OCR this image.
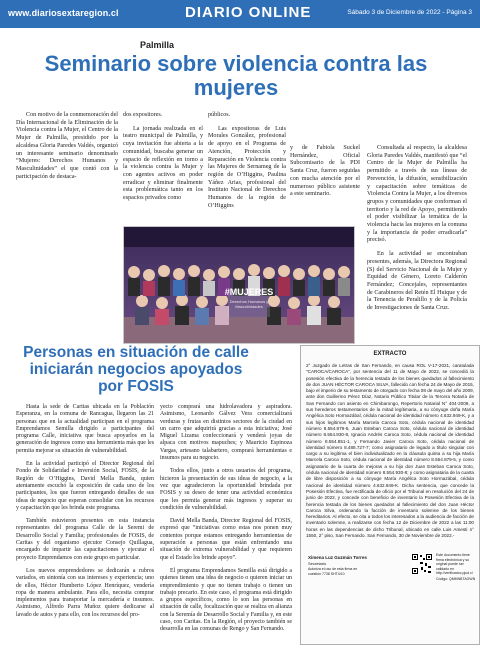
www.diariosextaregion.cl	DIARIO ONLINE	Sábado 3 de Diciembre de 2022 - Página 3
Palmilla
Seminario sobre violencia contra las mujeres

Con motivo de la conmemoración del Día Internacional de la Eliminación de la Violencia contra la Mujer, el Centro de la Mujer de Palmilla, presidido por la alcaldesa Gloria Paredes Valdés, organizó un interesante seminario denominado “Mujeres: Derechos Humanos y Masculinidades” el que contó con la participación de destaca-

dos expositores.

La jornada realizada en el teatro municipal de Palmilla, y cuya invitación fue abierta a la comunidad, buscaba generar un espacio de reflexión en torno a la violencia contra la Mujer y con agentes activos en poder erradicar y eliminar finalmente esta problemática tanto en los espacios privados como

públicos.

Las expositoras de Luis Morales González, profesional de apoyo en el Programa de Atención, Protección y Reparación en Violencia contra las Mujeres de Sernameg de la región de O’Higgins, Paulina Yáñez Arias, profesional del Instituto Nacional de Derechos Humanos de la región de O’Higgins

y de Fabiola Suckel Hernández, Oficial Subcomisario de la PDI Santa Cruz, fueron seguidas con mucha atención por el numeroso público asistente a este seminario.

Consultada al respecto, la alcaldesa Gloria Paredes Valdés, manifestó que “el Centro de la Mujer de Palmilla ha permitido a través de sus líneas de Prevención, la difusión, sensibilización y capacitación sobre temáticas de Violencia Contra la Mujer, a los diversos grupos y comunidades que conforman el territorio y la red de Apoyo, permitiendo el poder visibilizar la temática de la violencia hacia las mujeres en la comuna y la importancia de poder erradicarla” precisó.

En la actividad se encontraban presentes, además, la Directora Regional (S) del Servicio Nacional de la Mujer y Equidad de Género, Loreto Calderón Fernández; Concejales, representantes de Carabineros del Retén El Huique y de la Tenencia de Peralillo y de la Policía de Investigaciones de Santa Cruz.

#MUJERES
Derechos Humanos y Masculinidades
Personas en situación de calle iniciarán negocios apoyados por FOSIS

Hasta la sede de Caritas ubicada en la Población Esperanza, en la comuna de Rancagua, llegaron las 21 personas que en la actualidad participan en el programa Emprendamos Semilla dirigido a participantes del programa Calle, iniciativa que busca apoyarlos en la generación de ingresos como una herramienta más que les permita mejorar su situación de vulnerabilidad.

En la actividad participó el Director Regional del Fondo de Solidaridad e Inversión Social, FOSIS, de la Región de O’Higgins, David Mella Banda, quien atentamente escuchó la exposición de cada uno de los participantes, los que fueron entregando detalles de sus ideas de negocio que esperan consolidar con los recursos y capacitación que les brinda este programa.

También estuvieron presentes en esta instancia representantes del programa Calle de la Seremi de Desarrollo Social y Familia; profesionales de FOSIS, de Caritas y del organismo ejecutor Consejo Quillagua, encargado de impartir las capacitaciones y ejecutar el proyecto Emprendamos con este grupo en particular.

Los nuevos emprendedores se dedicarán a rubros variados, en sintonía con sus intereses y experiencia; uno de ellos, Héctor Humberto López Henríquez, vendería ropa de manera ambulante. Para ello, necesita comprar implementos para transportar la mercadería e insumos. Asimismo, Alfredo Parra Muñoz quiere dedicarse al lavado de autos y para ello, con los recursos del pro-

yecto comprará una hidrolavadora y aspiradora. Asimismo, Leonardo Gálvez Vera comercializará verduras y frutas en distintos sectores de la ciudad en un carro que adquirirá gracias a esta iniciativa; José Miguel Lizama confeccionará y venderá joyas de alpaca con motivos mapuches; y Mauricio Espinoza Vargas, artesano talabartero, comprará herramientas e insumos para su negocio.

Todos ellos, junto a otros usuarios del programa, hicieron la presentación de sus ideas de negocio, a la vez que agradecieron la oportunidad brindada por FOSIS y su deseo de tener una actividad económica que les permita generar más ingresos y superar su condición de vulnerabilidad.

David Mella Banda, Director Regional del FOSIS, expresó que “iniciativas como estas nos ponen muy contentos porque estamos entregando herramientas de superación a personas que están enfrentando una situación de extrema vulnerabilidad y que requieren que el Estado los brinde apoyo”.

El programa Emprendamos Semilla está dirigido a quienes tienen una idea de negocio o quieren iniciar un emprendimiento y que no tienen trabajo o tienen un trabajo precario. En este caso, el programa está dirigido a grupos específicos, como lo son las personas en situación de calle, focalización que se realiza en alianza con la Seremía de Desarrollo Social y Familia y, en este caso, con Caritas. En la Región, el proyecto también se desarrolla en las comunas de Rengo y San Fernando.

EXTRACTO
2° Juzgado de Letras de San Fernando, en causa ROL V-17-2021, caratulada "CAROCA/CAROCA", por sentencia del 11 de Mayo de 2022, se concedió la posesión efectiva de la herencia testada de los bienes quedados al fallecimiento de don JUAN HÉCTOR CAROCA SILVA, fallecido con fecha 24 de Mayo de 2015, bajo el imperio de su testamento de otorgado con fecha 08 de mayo del año 2009, ante don Guillermo Pérez Díaz, Notario Público Titular de la Tercera Notaría de San Fernando con asiento en Chimbarongo, Repertorio Notarial N° 404-2009, a sus herederos testamentarios de la mitad legítimaria, a su cónyuge doña María Angélica Soto Hormazábal, cédula nacional de identidad número 4.632.949-K, y a sus hijos legítimos María Marcela Caroca Soto, cédula nacional de identidad número 8.554.879-5, Juan Esteban Caroca Soto, cédula nacional de identidad número 8.554.930-8, Ignacio Andrés Caroca Soto, cédula nacional de identidad número 8.554.851-1, y Fernando Javier Caroca Soto, cédula nacional de identidad número 8.488.727-7; como asignatario de legado a título singular con cargo a su legítima el bien individualizado en la cláusula quinta a su hija María Marcela Caroca Soto, cédula nacional de identidad número 8.554.879-5, y como asignatario de la cuarta de mejoras a su hijo don Juan Esteban Caroca Soto, cédula nacional de identidad número 8.554.930-8; y como asignataria de la cuarta de libre disposición a su cónyuge María Angélica Soto Hormazábal, cédula nacional de identidad número 4.632.949-K. Dicha sentencia, que concede la Posesión Efectiva, fue rectificada de oficio por el Tribunal en resolución del 24 de junio de 2022, y concede con beneficio de inventario la Posesión Efectiva de la herencia testada de los bienes quedados al fallecimiento del don Juan Héctor Caroca Silva, ordenando la facción de inventario solemne de los bienes hereditarios. Al efecto, se cita a todos los interesados a la audiencia de facción de inventario solemne, a realizarse con fecha 12 de Diciembre de 2022 a las 11:00 horas en las dependencias de dicho Tribunal, ubicado en calle Luis Amesti n° 1550, 2° piso, San Fernando. San Fernando, 30 de Noviembre de 2022.-
Ximena Luz Guzmán Torres
Secretario
Autoriza el uso de esta firma en cuestión 7738 SHT4/10
Este documento tiene firma electrónica y su original puede ser validado en http://verificadoc.pjud.cl
Código: QMMNBTAGWN
